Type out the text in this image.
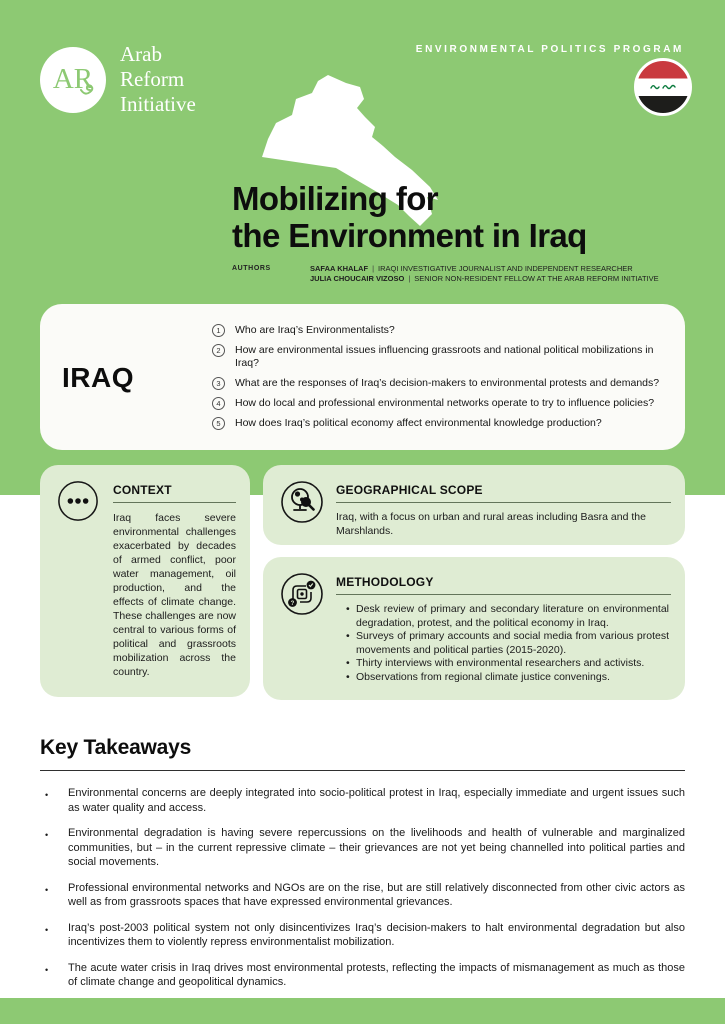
AR
Arab
Reform
Initiative
ENVIRONMENTAL POLITICS PROGRAM
Mobilizing for
the Environment in Iraq
AUTHORS	SAFAA KHALAF | IRAQI INVESTIGATIVE JOURNALIST AND INDEPENDENT RESEARCHER
JULIA CHOUCAIR VIZOSO | SENIOR NON-RESIDENT FELLOW AT THE ARAB REFORM INITIATIVE
IRAQ
1	Who are Iraq’s Environmentalists?
2	How are environmental issues influencing grassroots and national political mobilizations in Iraq?
3	What are the responses of Iraq’s decision-makers to environmental protests and demands?
4	How do local and professional environmental networks operate to try to influence policies?
5	How does Iraq’s political economy affect environmental knowledge production?
CONTEXT
Iraq faces severe environmental challenges exacerbated by decades of armed conflict, poor water management, oil production, and the effects of climate change. These challenges are now central to various forms of political and grassroots mobilization across the country.
GEOGRAPHICAL SCOPE
Iraq, with a focus on urban and rural areas including Basra and the Marshlands.
?
METHODOLOGY
•
Desk review of primary and secondary literature on environmental degradation, protest, and the political economy in Iraq.
•
Surveys of primary accounts and social media from various protest movements and political parties (2015-2020).
•
Thirty interviews with environmental researchers and activists.
•
Observations from regional climate justice convenings.
Key Takeaways
•
Environmental concerns are deeply integrated into socio-political protest in Iraq, especially immediate and urgent issues such as water quality and access.
•
Environmental degradation is having severe repercussions on the livelihoods and health of vulnerable and marginalized communities, but – in the current repressive climate – their grievances are not yet being channelled into political parties and social movements.
•
Professional environmental networks and NGOs are on the rise, but are still relatively disconnected from other civic actors as well as from grassroots spaces that have expressed environmental grievances.
•
Iraq’s post-2003 political system not only disincentivizes Iraq’s decision-makers to halt environmental degradation but also incentivizes them to violently repress environmentalist mobilization.
•
The acute water crisis in Iraq drives most environmental protests, reflecting the impacts of mismanagement as much as those of climate change and geopolitical dynamics.
